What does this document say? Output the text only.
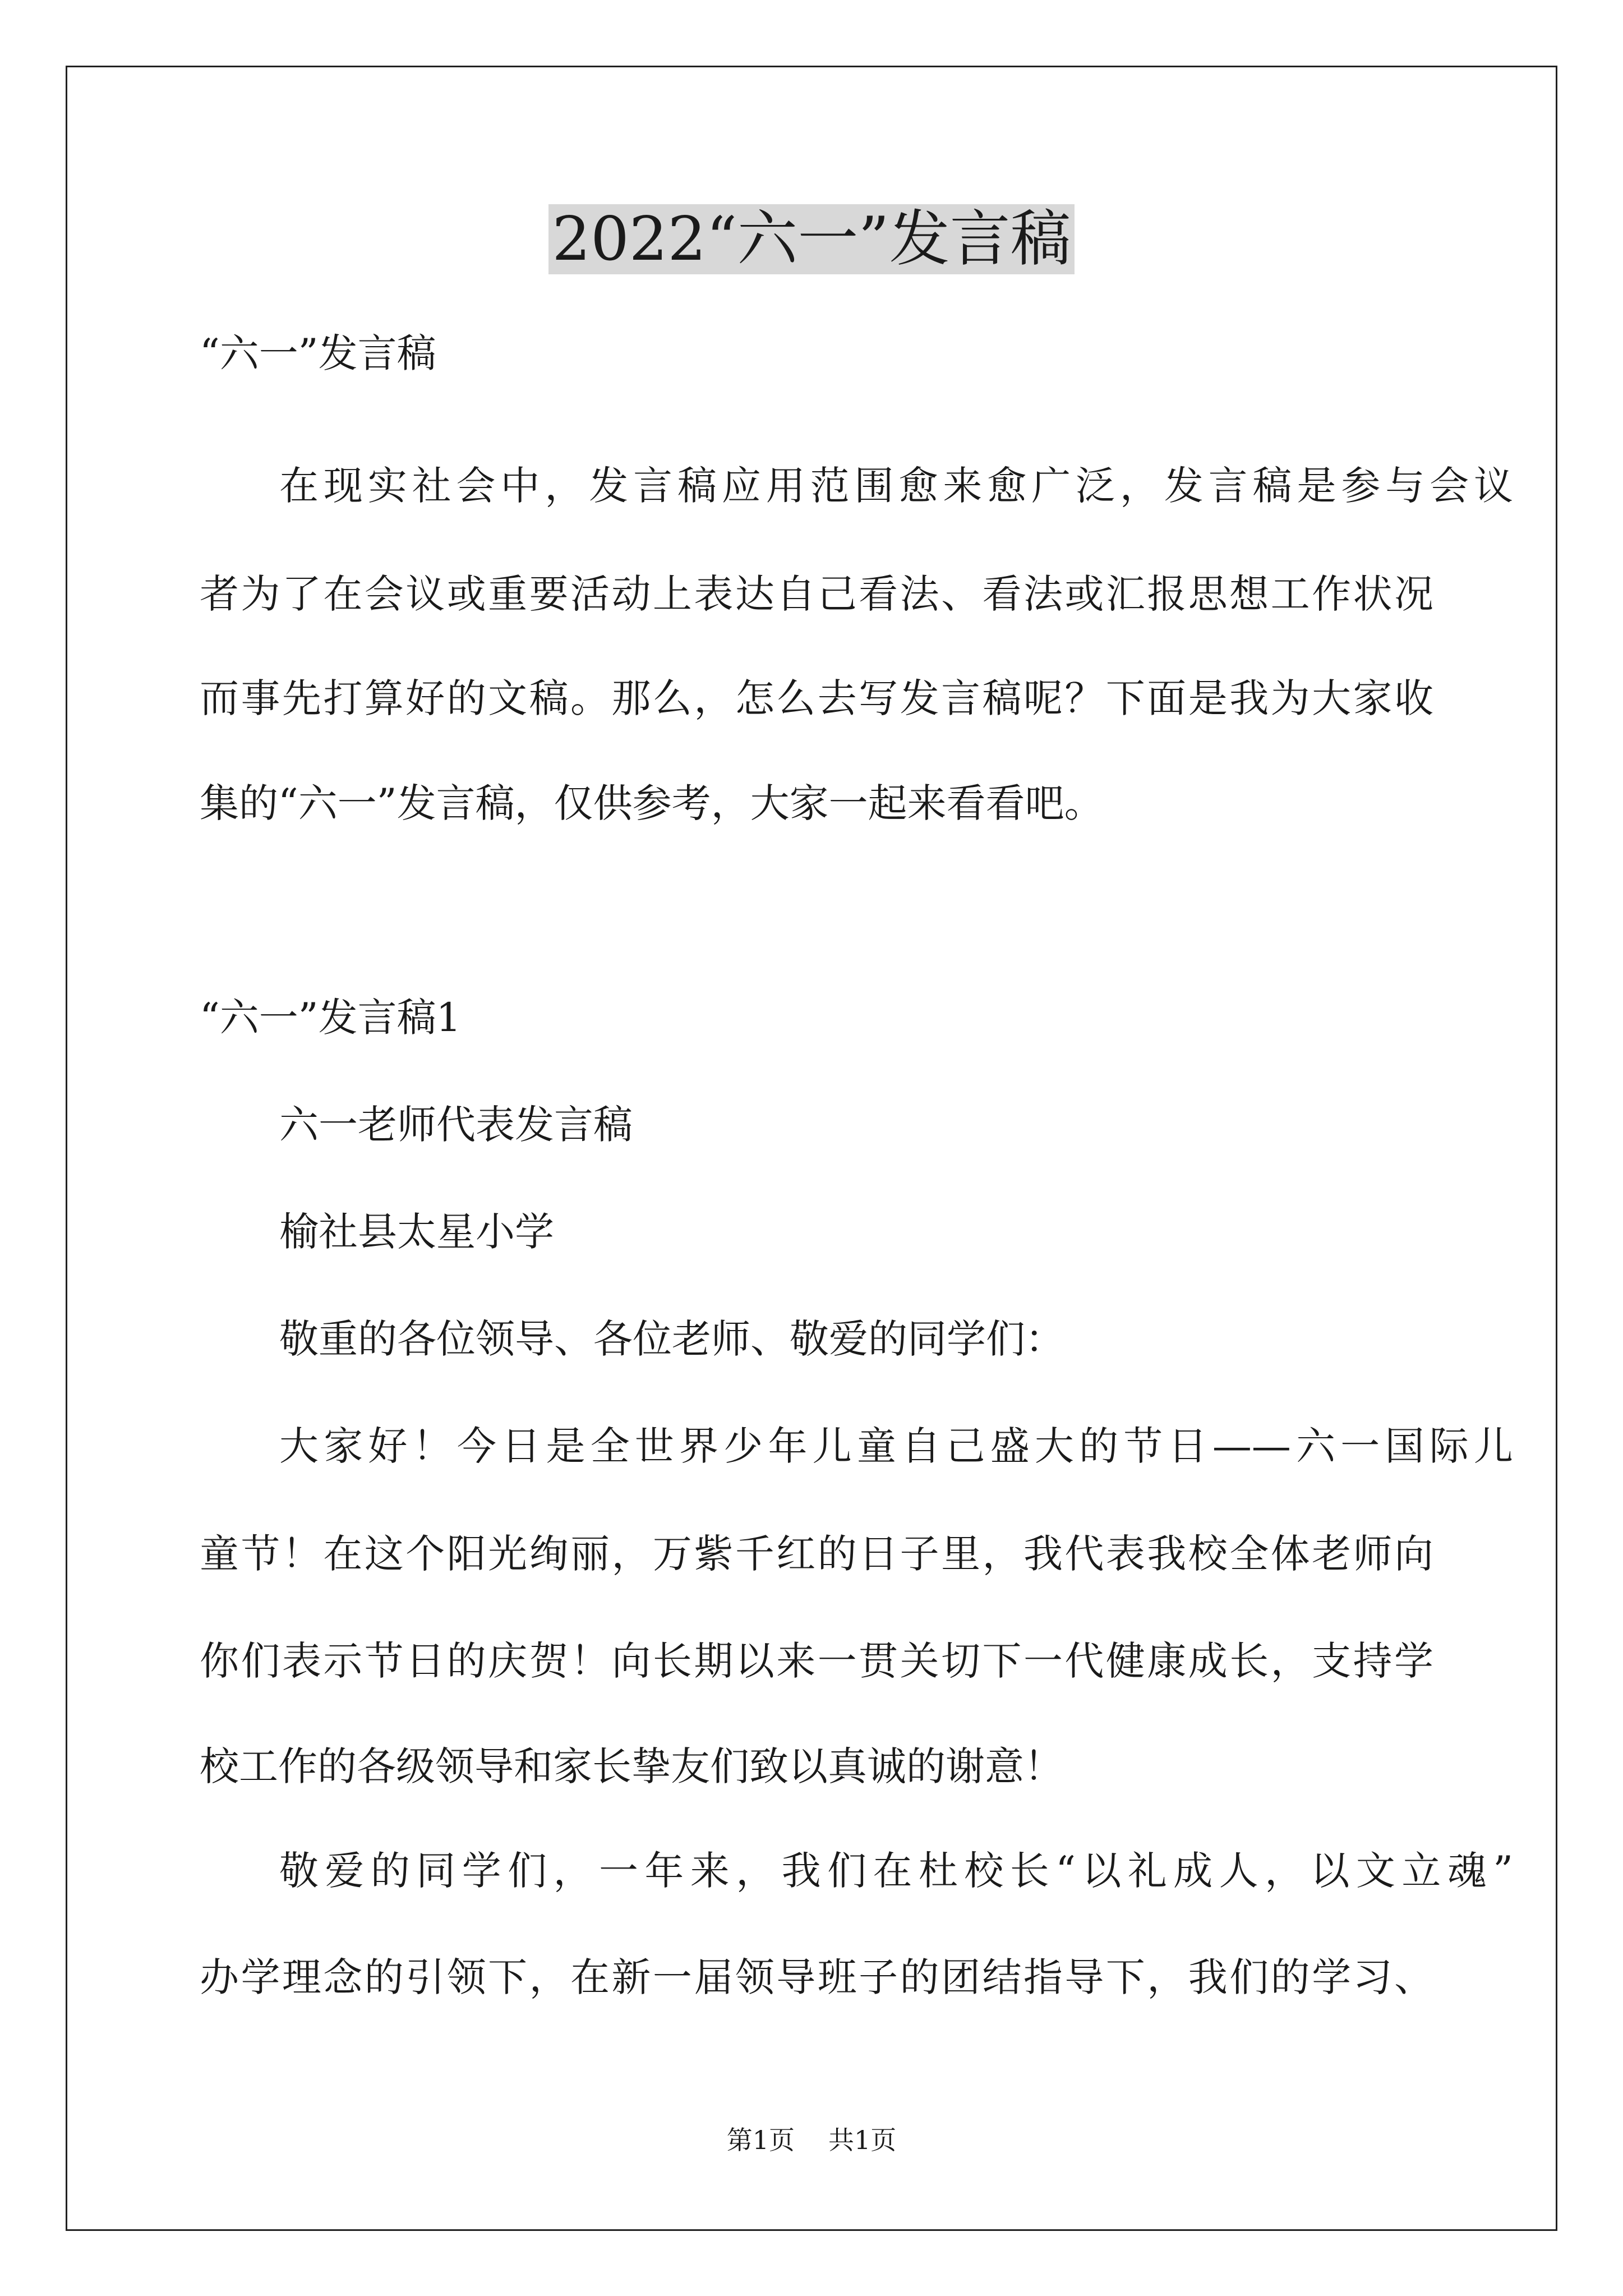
2022“六一”发言稿

“六一”发言稿

在现实社会中，发言稿应用范围愈来愈广泛，发言稿是参与会议

者为了在会议或重要活动上表达自己看法、看法或汇报思想工作状况

而事先打算好的文稿。那么，怎么去写发言稿呢？下面是我为大家收

集的“六一”发言稿，仅供参考，大家一起来看看吧。

“六一”发言稿1

六一老师代表发言稿

榆社县太星小学

敬重的各位领导、各位老师、敬爱的同学们：

大家好！今日是全世界少年儿童自己盛大的节日——六一国际儿

童节！在这个阳光绚丽，万紫千红的日子里，我代表我校全体老师向

你们表示节日的庆贺！向长期以来一贯关切下一代健康成长，支持学

校工作的各级领导和家长挚友们致以真诚的谢意！

敬爱的同学们，一年来，我们在杜校长“以礼成人，以文立魂”

办学理念的引领下，在新一届领导班子的团结指导下，我们的学习、

第1页 共1页
